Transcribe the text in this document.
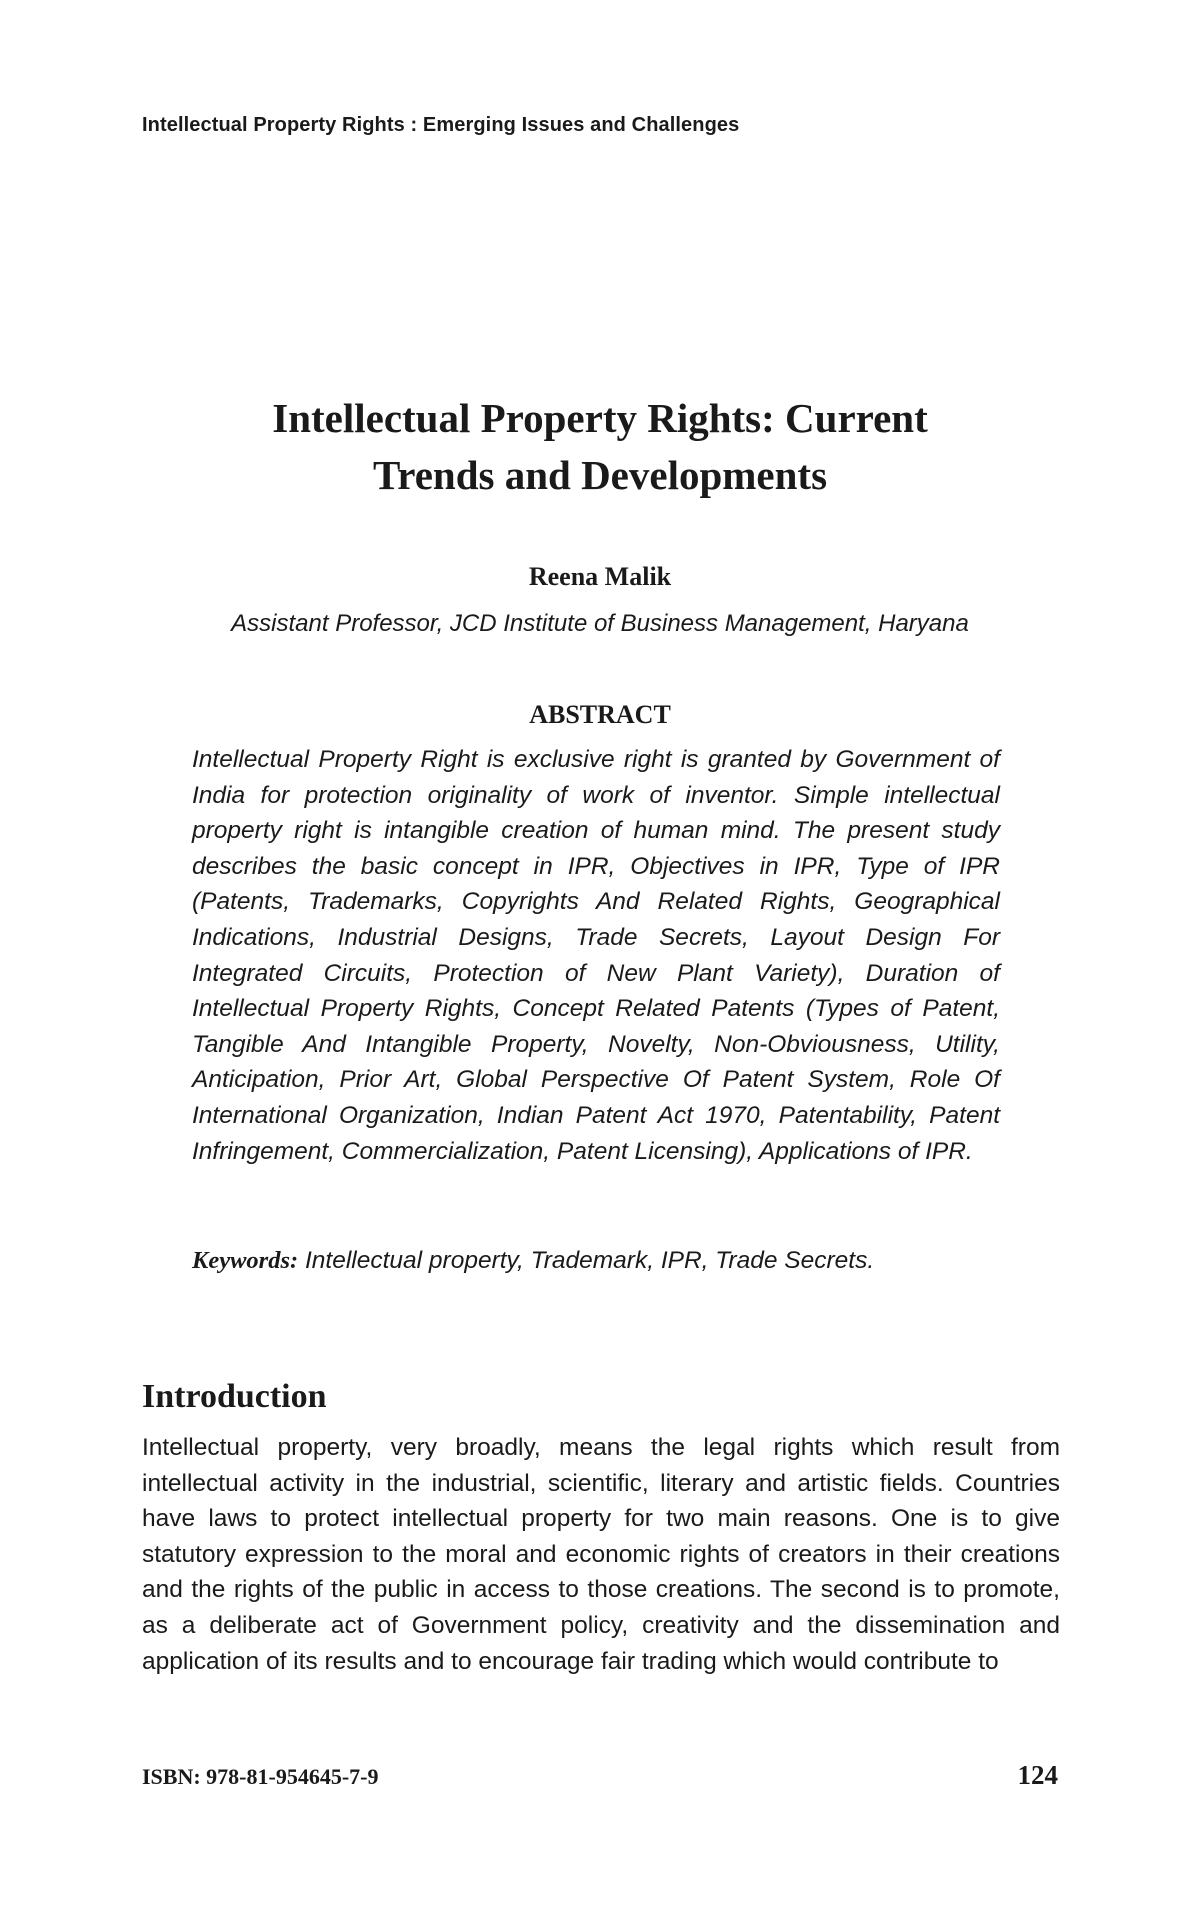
Intellectual Property Rights : Emerging Issues and Challenges
Intellectual Property Rights: Current
Trends and Developments
Reena Malik
Assistant Professor, JCD Institute of Business Management, Haryana
ABSTRACT

Intellectual Property Right is exclusive right is granted by Government of India for protection originality of work of inventor. Simple intellectual property right is intangible creation of human mind. The present study describes the basic concept in IPR, Objectives in IPR, Type of IPR (Patents, Trademarks, Copyrights And Related Rights, Geographical Indications, Industrial Designs, Trade Secrets, Layout Design For Integrated Circuits, Protection of New Plant Variety), Duration of Intellectual Property Rights, Concept Related Patents (Types of Patent, Tangible And Intangible Property, Novelty, Non-Obviousness, Utility, Anticipation, Prior Art, Global Perspective Of Patent System, Role Of International Organization, Indian Patent Act 1970, Patentability, Patent Infringement, Commercialization, Patent Licensing), Applications of IPR.

Keywords: Intellectual property, Trademark, IPR, Trade Secrets.

Introduction

Intellectual property, very broadly, means the legal rights which result from intellectual activity in the industrial, scientific, literary and artistic fields. Countries have laws to protect intellectual property for two main reasons. One is to give statutory expression to the moral and economic rights of creators in their creations and the rights of the public in access to those creations. The second is to promote, as a deliberate act of Government policy, creativity and the dissemination and application of its results and to encourage fair trading which would contribute to

ISBN: 978-81-954645-7-9	124
